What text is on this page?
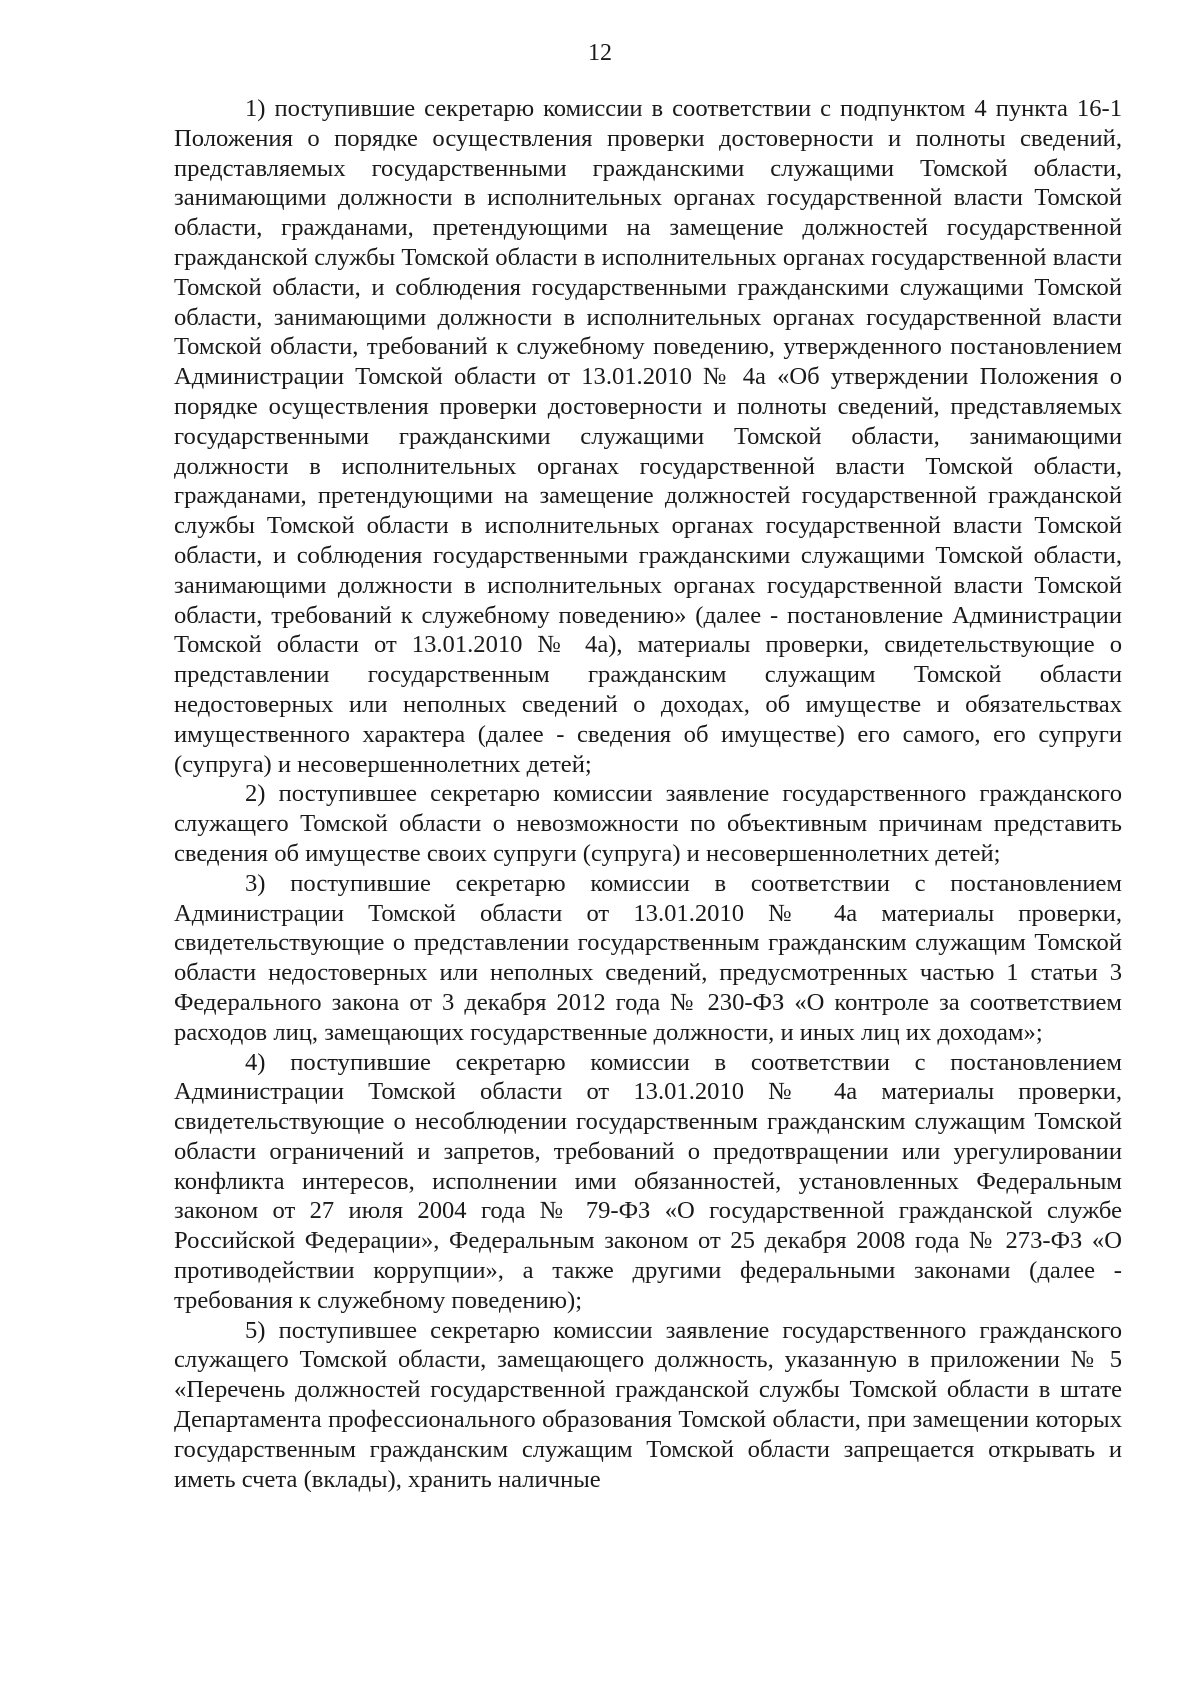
12

1) поступившие секретарю комиссии в соответствии с подпунктом 4 пункта 16-1 Положения о порядке осуществления проверки достоверности и полноты сведений, представляемых государственными гражданскими служащими Томской области, занимающими должности в исполнительных органах государственной власти Томской области, гражданами, претендующими на замещение должностей государственной гражданской службы Томской области в исполнительных органах государственной власти Томской области, и соблюдения государственными гражданскими служащими Томской области, занимающими должности в исполнительных органах государственной власти Томской области, требований к служебному поведению, утвержденного постановлением Администрации Томской области от 13.01.2010 № 4а «Об утверждении Положения о порядке осуществления проверки достоверности и полноты сведений, представляемых государственными гражданскими служащими Томской области, занимающими должности в исполнительных органах государственной власти Томской области, гражданами, претендующими на замещение должностей государственной гражданской службы Томской области в исполнительных органах государственной власти Томской области, и соблюдения государственными гражданскими служащими Томской области, занимающими должности в исполнительных органах государственной власти Томской области, требований к служебному поведению» (далее - постановление Администрации Томской области от 13.01.2010 № 4а), материалы проверки, свидетельствующие о представлении государственным гражданским служащим Томской области недостоверных или неполных сведений о доходах, об имуществе и обязательствах имущественного характера (далее - сведения об имуществе) его самого, его супруги (супруга) и несовершеннолетних детей;

2) поступившее секретарю комиссии заявление государственного гражданского служащего Томской области о невозможности по объективным причинам представить сведения об имуществе своих супруги (супруга) и несовершеннолетних детей;

3) поступившие секретарю комиссии в соответствии с постановлением Администрации Томской области от 13.01.2010 № 4а материалы проверки, свидетельствующие о представлении государственным гражданским служащим Томской области недостоверных или неполных сведений, предусмотренных частью 1 статьи 3 Федерального закона от 3 декабря 2012 года № 230-ФЗ «О контроле за соответствием расходов лиц, замещающих государственные должности, и иных лиц их доходам»;

4) поступившие секретарю комиссии в соответствии с постановлением Администрации Томской области от 13.01.2010 № 4а материалы проверки, свидетельствующие о несоблюдении государственным гражданским служащим Томской области ограничений и запретов, требований о предотвращении или урегулировании конфликта интересов, исполнении ими обязанностей, установленных Федеральным законом от 27 июля 2004 года № 79-ФЗ «О государственной гражданской службе Российской Федерации», Федеральным законом от 25 декабря 2008 года № 273-ФЗ «О противодействии коррупции», а также другими федеральными законами (далее - требования к служебному поведению);

5) поступившее секретарю комиссии заявление государственного гражданского служащего Томской области, замещающего должность, указанную в приложении № 5 «Перечень должностей государственной гражданской службы Томской области в штате Департамента профессионального образования Томской области, при замещении которых государственным гражданским служащим Томской области запрещается открывать и иметь счета (вклады), хранить наличные
